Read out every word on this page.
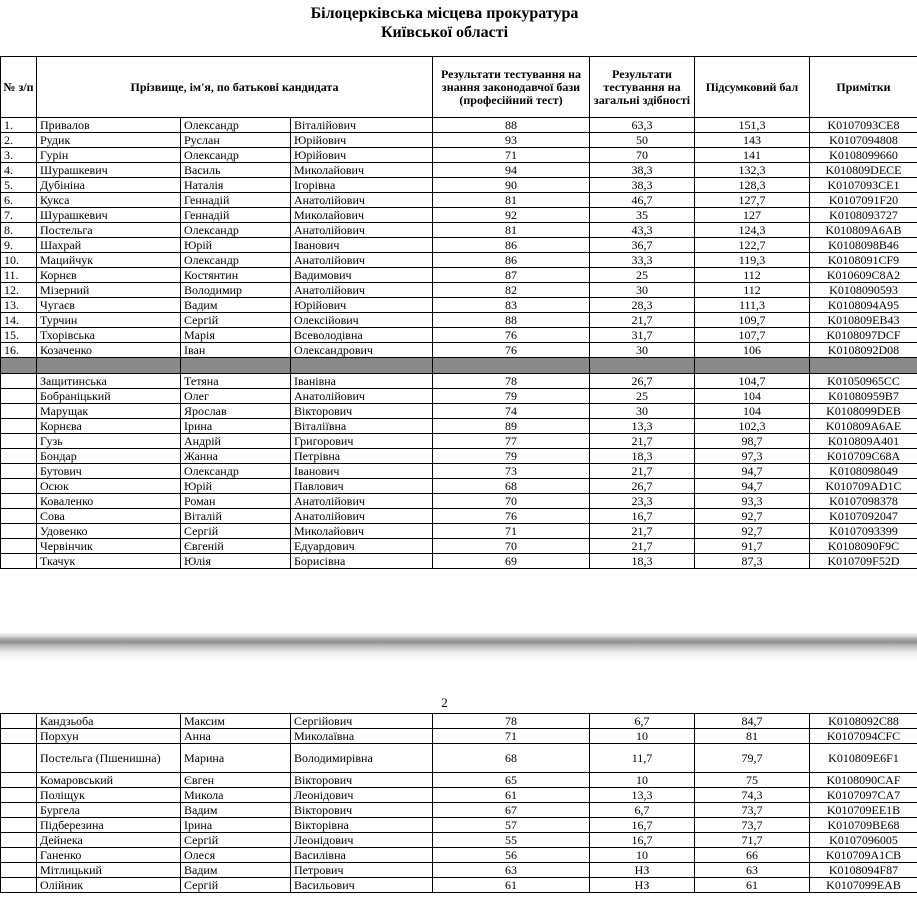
Білоцерківська місцева прокуратура
Київської області
№ з/п	Прізвище, ім'я, по батькові кандидата			Результати тестування на знання законодавчої бази (професійний тест)	Результати тестування на загальні здібності	Підсумковий бал	Примітки
1.	Привалов	Олександр	Віталійович	88	63,3	151,3	K0107093CE8
2.	Рудик	Руслан	Юрійович	93	50	143	K0107094808
3.	Гурін	Олександр	Юрійович	71	70	141	K0108099660
4.	Шурашкевич	Василь	Миколайович	94	38,3	132,3	K010809DECE
5.	Дубініна	Наталія	Ігорівна	90	38,3	128,3	K0107093CE1
6.	Кукса	Геннадій	Анатолійович	81	46,7	127,7	K0107091F20
7.	Шурашкевич	Геннадій	Миколайович	92	35	127	K0108093727
8.	Постельга	Олександр	Анатолійович	81	43,3	124,3	K010809A6AB
9.	Шахрай	Юрій	Іванович	86	36,7	122,7	K0108098B46
10.	Мацийчук	Олександр	Анатолійович	86	33,3	119,3	K0108091CF9
11.	Корнєв	Костянтин	Вадимович	87	25	112	K010609C8A2
12.	Мізерний	Володимир	Анатолійович	82	30	112	K0108090593
13.	Чугаєв	Вадим	Юрійович	83	28,3	111,3	K0108094A95
14.	Турчин	Сергій	Олексійович	88	21,7	109,7	K010809EB43
15.	Тхорівська	Марія	Всеволодівна	76	31,7	107,7	K0108097DCF
16.	Козаченко	Іван	Олександрович	76	30	106	K0108092D08

	Защитинська	Тетяна	Іванівна	78	26,7	104,7	K01050965CC
	Бобраніцький	Олег	Анатолійович	79	25	104	K01080959B7
	Марущак	Ярослав	Вікторович	74	30	104	K0108099DEB
	Корнєва	Ірина	Віталіївна	89	13,3	102,3	K010809A6AE
	Гузь	Андрій	Григорович	77	21,7	98,7	K010809A401
	Бондар	Жанна	Петрівна	79	18,3	97,3	K010709C68A
	Бутович	Олександр	Іванович	73	21,7	94,7	K0108098049
	Осюк	Юрій	Павлович	68	26,7	94,7	K010709AD1C
	Коваленко	Роман	Анатолійович	70	23,3	93,3	K0107098378
	Сова	Віталій	Анатолійович	76	16,7	92,7	K0107092047
	Удовенко	Сергій	Миколайович	71	21,7	92,7	K0107093399
	Червінчик	Євгеній	Едуардович	70	21,7	91,7	K0108090F9C
	Ткачук	Юлія	Борисівна	69	18,3	87,3	K010709F52D
2
	Кандзьоба	Максим	Сергійович	78	6,7	84,7	K0108092C88
	Порхун	Анна	Миколаївна	71	10	81	K0107094CFC
	Постельга (Пшенишна)	Марина	Володимирівна	68	11,7	79,7	K010809E6F1
	Комаровський	Євген	Вікторович	65	10	75	K0108090CAF
	Поліщук	Микола	Леонідович	61	13,3	74,3	K0107097CA7
	Бургела	Вадим	Вікторович	67	6,7	73,7	K010709EE1B
	Підберезина	Ірина	Вікторівна	57	16,7	73,7	K010709BE68
	Дейнека	Сергій	Леонідович	55	16,7	71,7	K0107096005
	Ганенко	Олеся	Василівна	56	10	66	K010709A1CB
	Мітлицький	Вадим	Петрович	63	НЗ	63	K0108094F87
	Олійник	Сергій	Васильович	61	НЗ	61	K0107099EAB
